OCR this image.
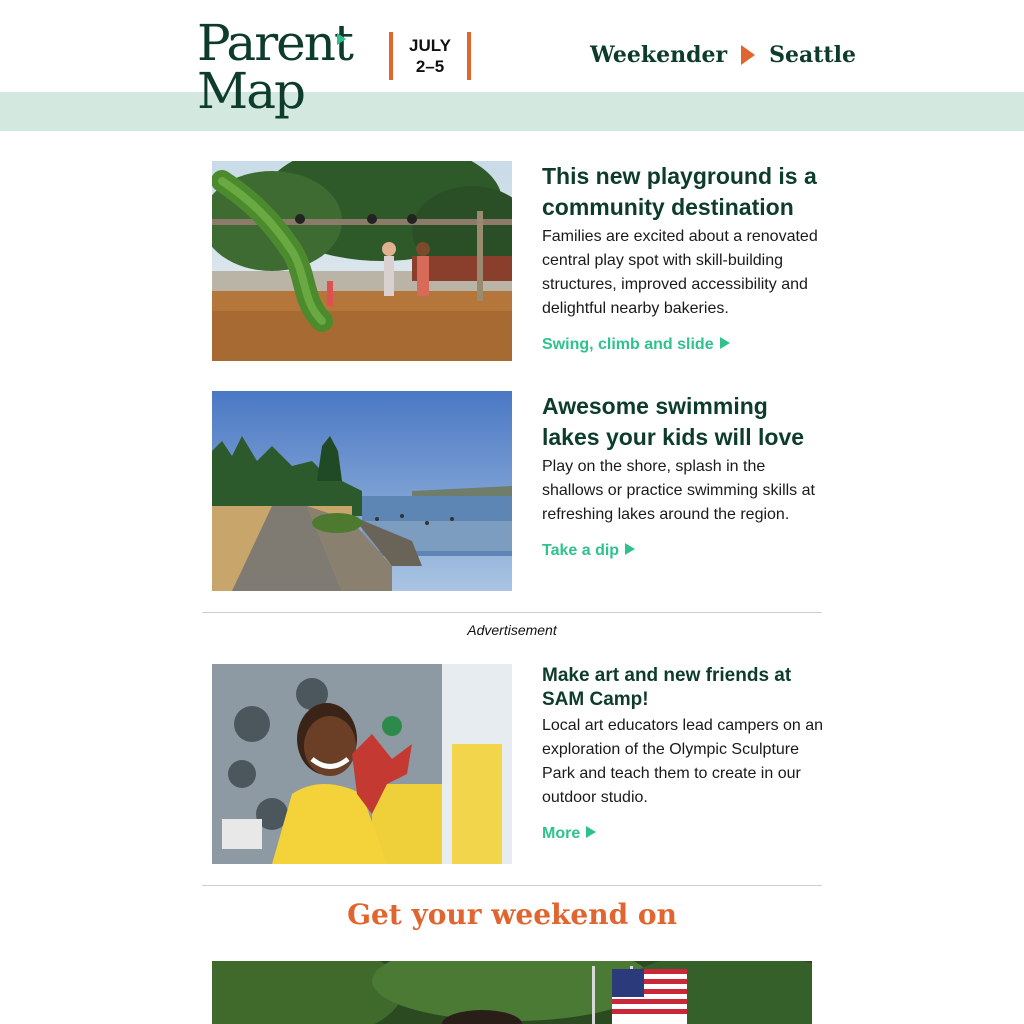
Parent
Map
JULY
2–5	Weekender Seattle
This new playground is a community destination

Families are excited about a renovated central play spot with skill-building structures, improved accessibility and delightful nearby bakeries.

Swing, climb and slide
Awesome swimming lakes your kids will love

Play on the shore, splash in the shallows or practice swimming skills at refreshing lakes around the region.

Take a dip
Advertisement
Make art and new friends at SAM Camp!

Local art educators lead campers on an exploration of the Olympic Sculpture Park and teach them to create in our outdoor studio.

More
Get your weekend on
